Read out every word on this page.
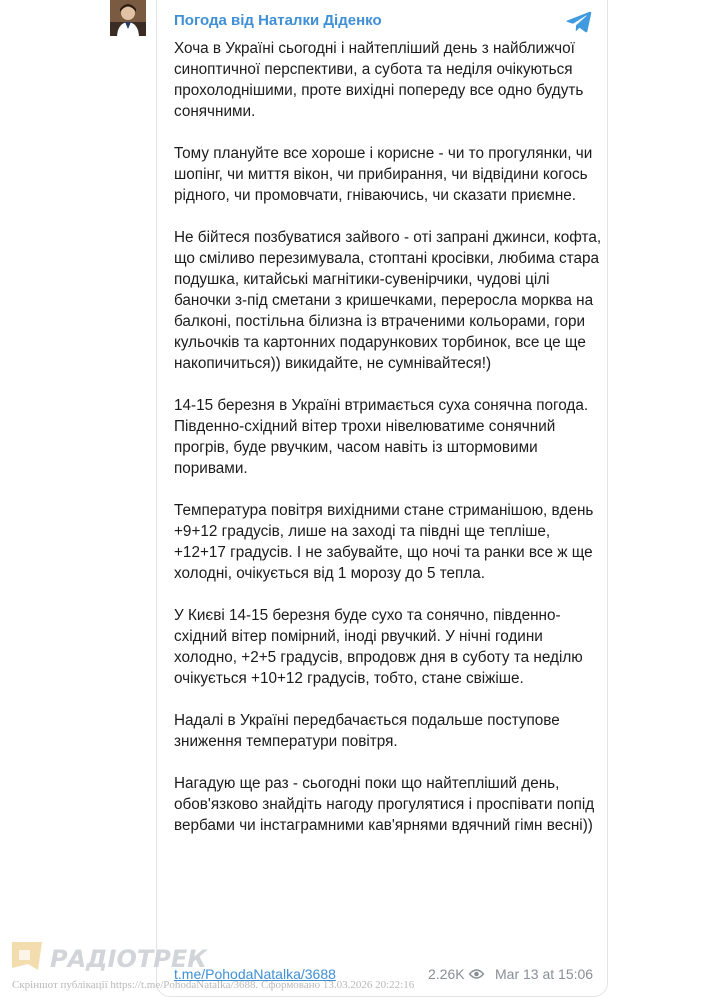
Погода від Наталки Діденко

Хоча в Україні сьогодні і найтепліший день з найближчої синоптичної перспективи, а субота та неділя очікуються прохолоднішими, проте вихідні попереду все одно будуть сонячними.

Тому плануйте все хороше і корисне - чи то прогулянки, чи шопінг, чи миття вікон, чи прибирання, чи відвідини когось рідного, чи промовчати, гніваючись, чи сказати приємне.

Не бійтеся позбуватися зайвого - оті зaпрані джинси, кофта, що сміливо перезимувала, стоптані кросівки, любима стара подушка, китайські магнітики-сувенірчики, чудові цілі баночки з-під сметани з кришечками, переросла морква на балконі, постільна білизна із втраченими кольорами, гори кульочків та картонних подарункових торбинок, все це ще накопичиться)) викидайте, не сумнівайтеся!)

14-15 березня в Україні втримається суха сонячна погода.
Південно-східний вітер трохи нівелюватиме сонячний прогрів, буде рвучким, часом навіть із штормовими поривами.

Температура повітря вихідними стане стриманішою, вдень +9+12 градусів, лише на заході та півдні ще тепліше, +12+17 градусів. І не забувайте, що ночі та ранки все ж ще холодні, очікується від 1 морозу до 5 тепла.

У Києві 14-15 березня буде сухо та сонячно, південно-східний вітер помірний, іноді рвучкий. У нічні години холодно, +2+5 градусів, впродовж дня в суботу та неділю очікується +10+12 градусів, тобто, стане свіжіше.

Надалі в Україні передбачається подальше поступове зниження температури повітря.

Нагадую ще раз - сьогодні поки що найтепліший день, обов'язково знайдіть нагоду прогулятися і проспівати попід вербами чи інстаграмними кав'ярнями вдячний гімн весні))

t.me/PohodaNatalka/3688	2.26K Mar 13 at 15:06
РАДІОТРЕК
Скріншот публікації https://t.me/PohodaNatalka/3688. Сформовано 13.03.2026 20:22:16
